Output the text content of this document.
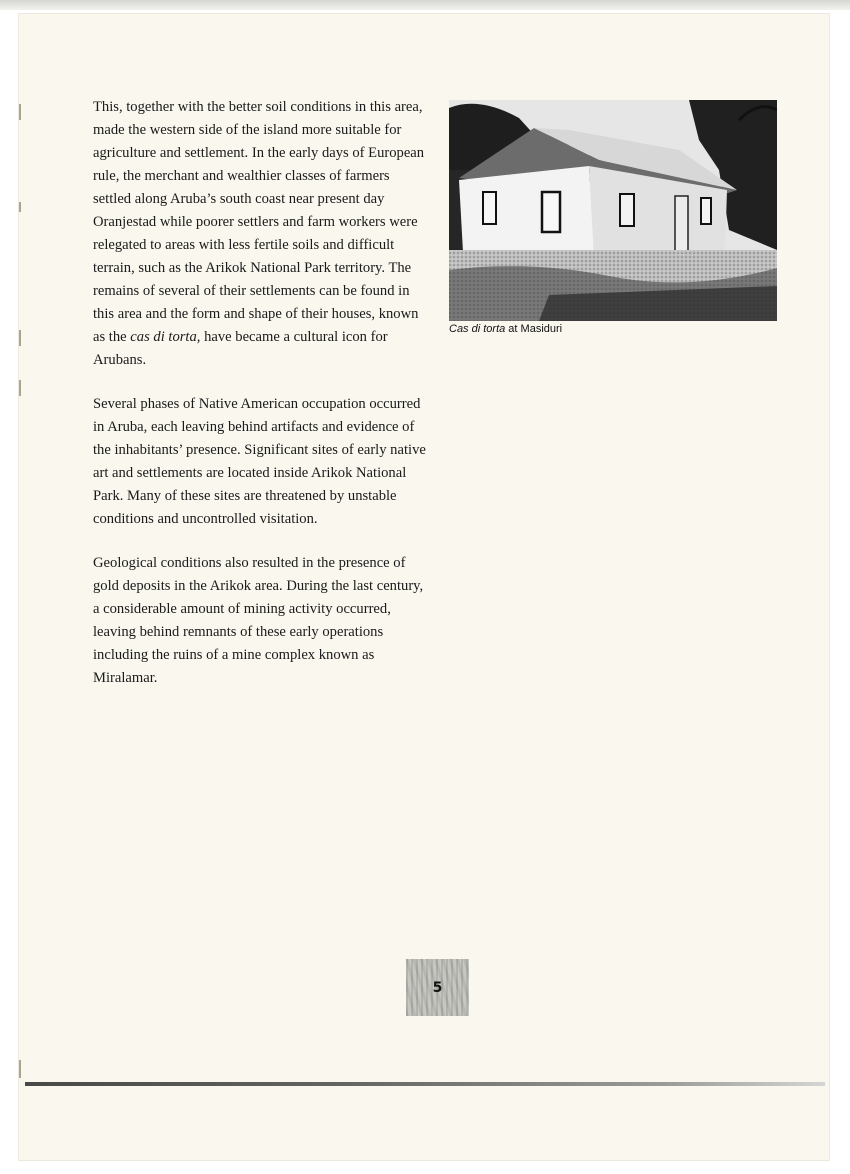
This, together with the better soil conditions in this area, made the western side of the island more suitable for agriculture and settlement. In the early days of European rule, the merchant and wealthier classes of farmers settled along Aruba’s south coast near present day Oranjestad while poorer settlers and farm workers were relegated to areas with less fertile soils and difficult terrain, such as the Arikok National Park territory. The remains of several of their settlements can be found in this area and the form and shape of their houses, known as the cas di torta, have became a cultural icon for Arubans.

Several phases of Native American occupation occurred in Aruba, each leaving behind artifacts and evidence of the inhabitants’ presence. Significant sites of early native art and settlements are located inside Arikok National Park. Many of these sites are threatened by unstable conditions and uncontrolled visitation.

Geological conditions also resulted in the presence of gold deposits in the Arikok area. During the last century, a considerable amount of mining activity occurred, leaving behind remnants of these early operations including the ruins of a mine complex known as Miralamar.

Cas di torta at Masiduri
5
